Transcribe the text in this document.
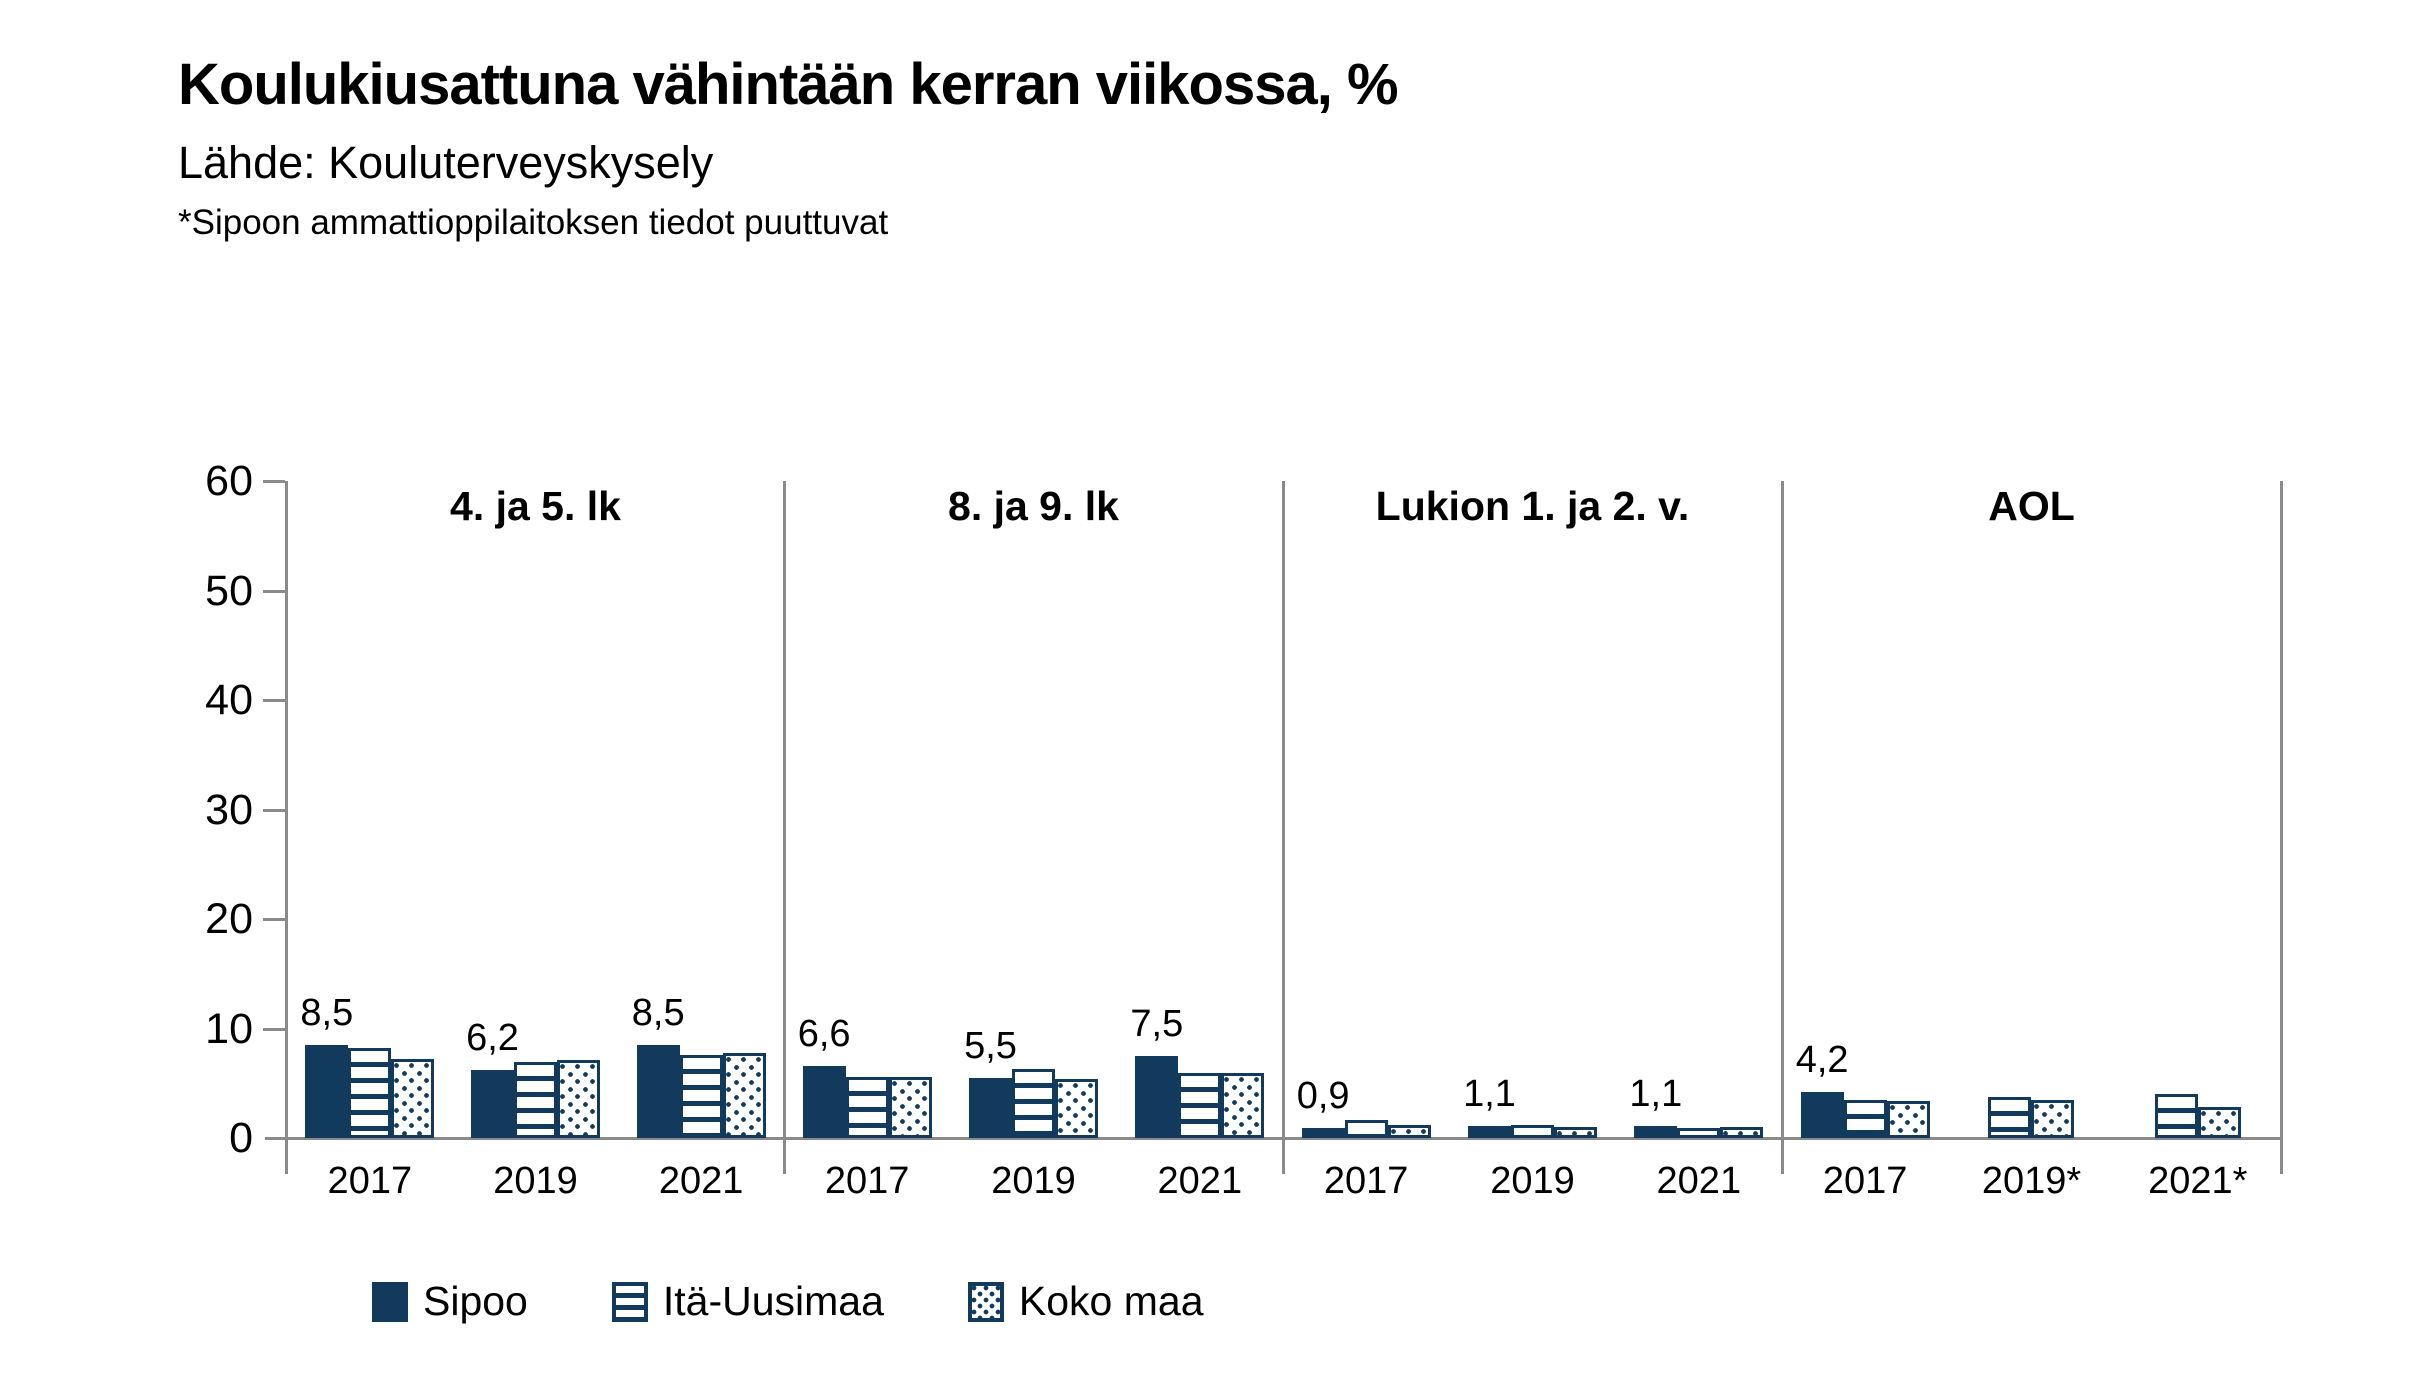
Koulukiusattuna vähintään kerran viikossa, %
Lähde: Kouluterveyskysely
*Sipoon ammattioppilaitoksen tiedot puuttuvat
0
10
20
30
40
50
60
4. ja 5. lk
8,5
2017
6,2
2019
8,5
2021
8. ja 9. lk
6,6
2017
5,5
2019
7,5
2021
Lukion 1. ja 2. v.
0,9
2017
1,1
2019
1,1
2021
AOL
4,2
2017 2019* 2021*
Sipoo	Itä-Uusimaa	Koko maa
